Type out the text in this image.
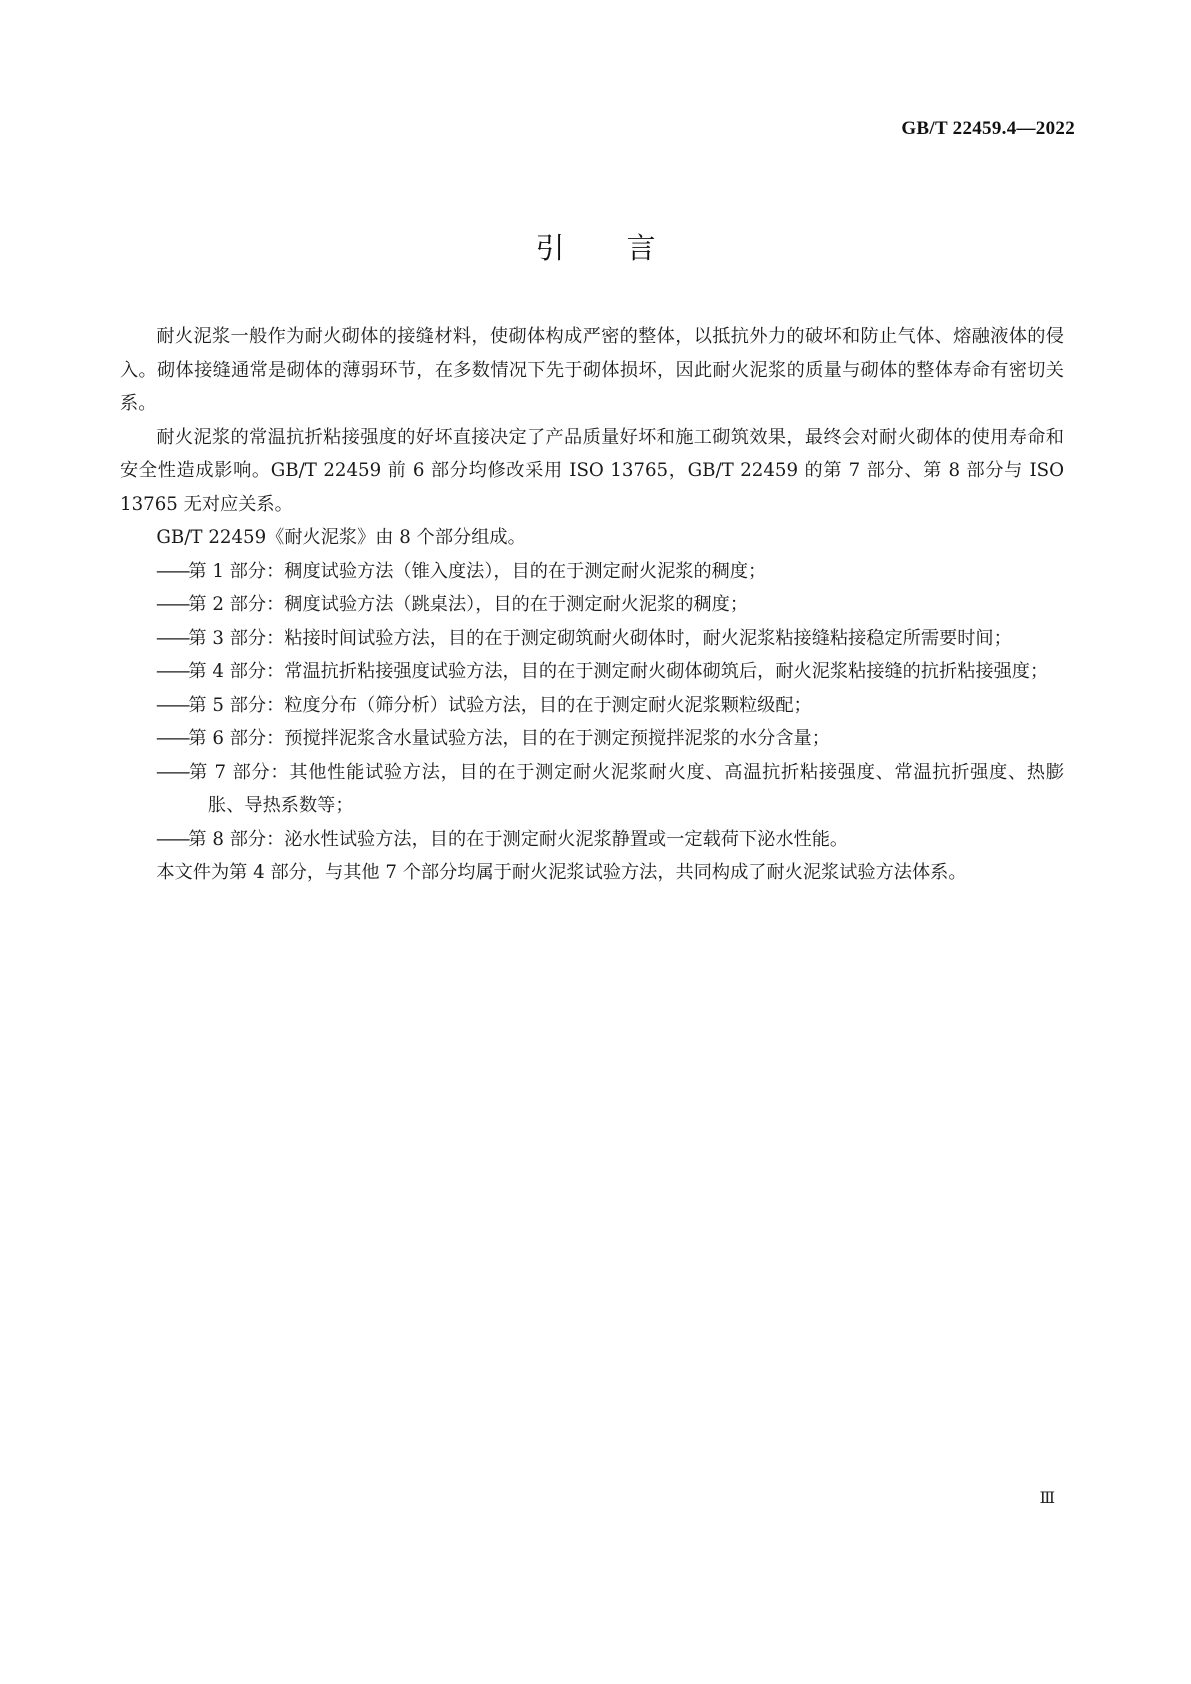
GB/T 22459.4—2022
引 言

耐火泥浆一般作为耐火砌体的接缝材料，使砌体构成严密的整体，以抵抗外力的破坏和防止气体、熔融液体的侵入。砌体接缝通常是砌体的薄弱环节，在多数情况下先于砌体损坏，因此耐火泥浆的质量与砌体的整体寿命有密切关系。

耐火泥浆的常温抗折粘接强度的好坏直接决定了产品质量好坏和施工砌筑效果，最终会对耐火砌体的使用寿命和安全性造成影响。GB/T 22459 前 6 部分均修改采用 ISO 13765，GB/T 22459 的第 7 部分、第 8 部分与 ISO 13765 无对应关系。

GB/T 22459《耐火泥浆》由 8 个部分组成。

——第 1 部分：稠度试验方法（锥入度法），目的在于测定耐火泥浆的稠度；
——第 2 部分：稠度试验方法（跳桌法），目的在于测定耐火泥浆的稠度；
——第 3 部分：粘接时间试验方法，目的在于测定砌筑耐火砌体时，耐火泥浆粘接缝粘接稳定所需要时间；
——第 4 部分：常温抗折粘接强度试验方法，目的在于测定耐火砌体砌筑后，耐火泥浆粘接缝的抗折粘接强度；
——第 5 部分：粒度分布（筛分析）试验方法，目的在于测定耐火泥浆颗粒级配；
——第 6 部分：预搅拌泥浆含水量试验方法，目的在于测定预搅拌泥浆的水分含量；
——第 7 部分：其他性能试验方法，目的在于测定耐火泥浆耐火度、高温抗折粘接强度、常温抗折强度、热膨胀、导热系数等；
——第 8 部分：泌水性试验方法，目的在于测定耐火泥浆静置或一定载荷下泌水性能。

本文件为第 4 部分，与其他 7 个部分均属于耐火泥浆试验方法，共同构成了耐火泥浆试验方法体系。

Ⅲ
